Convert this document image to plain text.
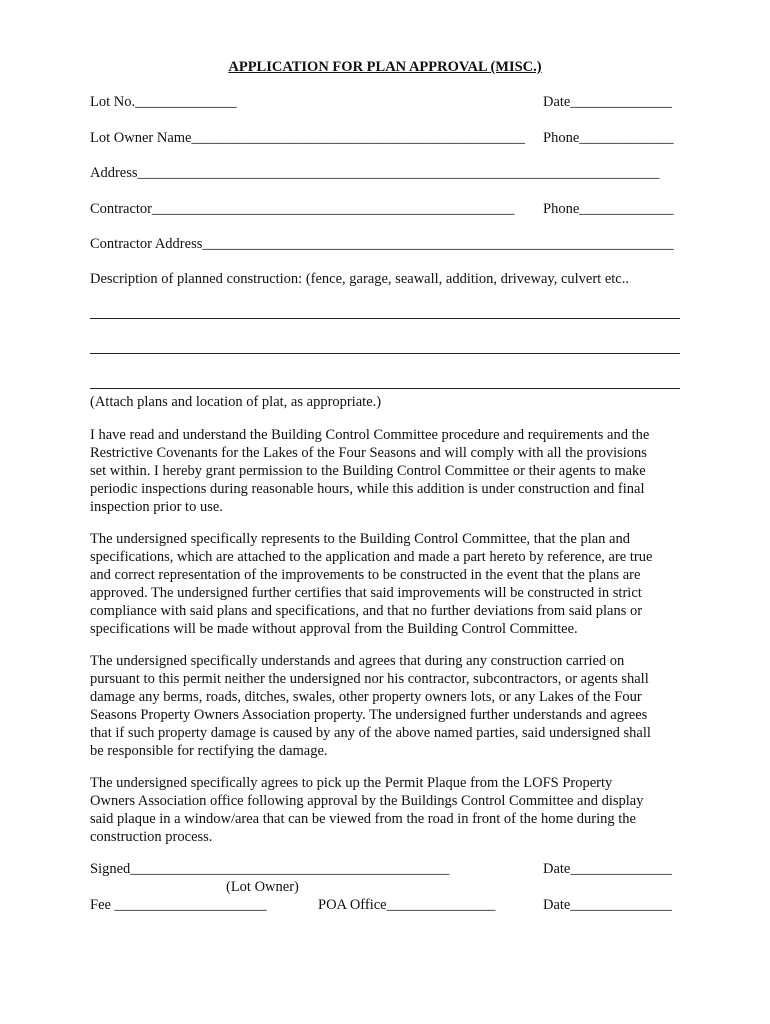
APPLICATION FOR PLAN APPROVAL (MISC.)
Lot No.______________	Date______________
Lot Owner Name______________________________________________ Phone_____________
Address________________________________________________________________________
Contractor__________________________________________________ Phone_____________
Contractor Address_________________________________________________________________
Description of planned construction: (fence, garage, seawall, addition, driveway, culvert etc..
(Attach plans and location of plat, as appropriate.)

I have read and understand the Building Control Committee procedure and requirements and the

Restrictive Covenants for the Lakes of the Four Seasons and will comply with all the provisions

set within. I hereby grant permission to the Building Control Committee or their agents to make

periodic inspections during reasonable hours, while this addition is under construction and final

inspection prior to use.

The undersigned specifically represents to the Building Control Committee, that the plan and

specifications, which are attached to the application and made a part hereto by reference, are true

and correct representation of the improvements to be constructed in the event that the plans are

approved. The undersigned further certifies that said improvements will be constructed in strict

compliance with said plans and specifications, and that no further deviations from said plans or

specifications will be made without approval from the Building Control Committee.

The undersigned specifically understands and agrees that during any construction carried on

pursuant to this permit neither the undersigned nor his contractor, subcontractors, or agents shall

damage any berms, roads, ditches, swales, other property owners lots, or any Lakes of the Four

Seasons Property Owners Association property. The undersigned further understands and agrees

that if such property damage is caused by any of the above named parties, said undersigned shall

be responsible for rectifying the damage.

The undersigned specifically agrees to pick up the Permit Plaque from the LOFS Property

Owners Association office following approval by the Buildings Control Committee and display

said plaque in a window/area that can be viewed from the road in front of the home during the

construction process.

Signed____________________________________________	Date______________
(Lot Owner)
Fee _____________________	POA Office_______________	Date______________
